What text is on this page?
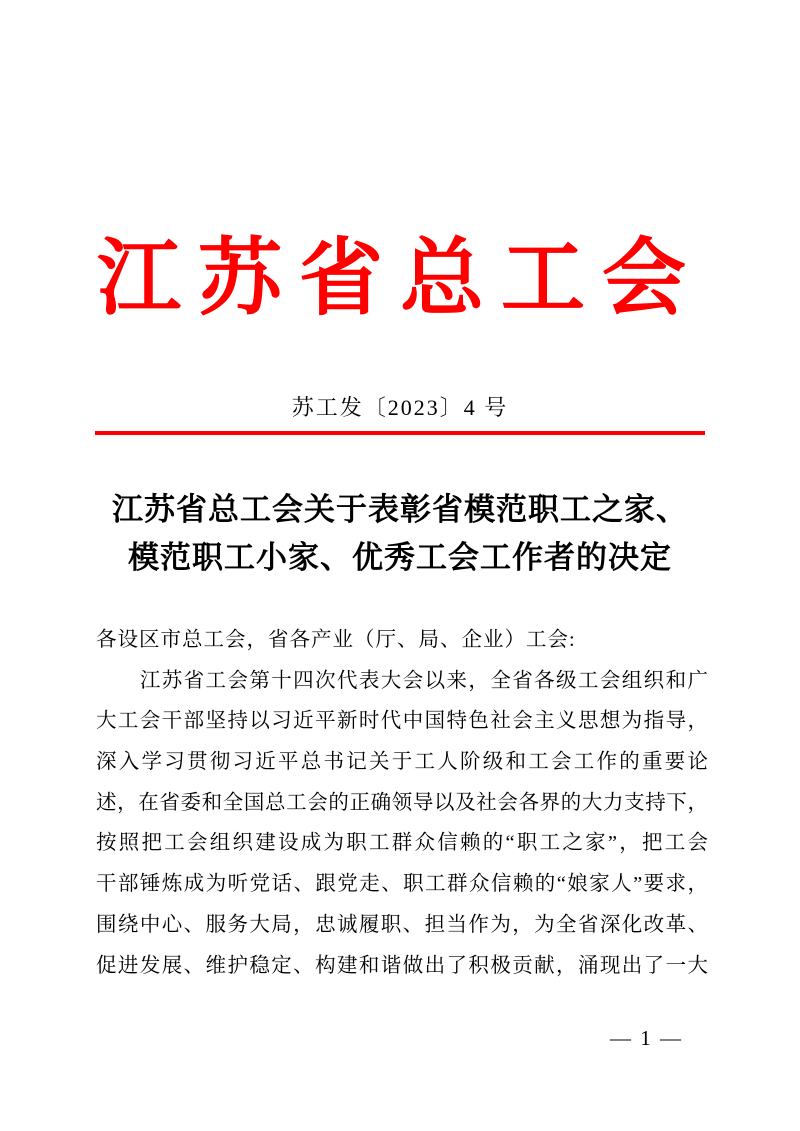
江苏省总工会
苏工发〔2023〕4 号
江苏省总工会关于表彰省模范职工之家、
模范职工小家、优秀工会工作者的决定
各设区市总工会，省各产业（厅、局、企业）工会:
　　江苏省工会第十四次代表大会以来，全省各级工会组织和广
大工会干部坚持以习近平新时代中国特色社会主义思想为指导，
深入学习贯彻习近平总书记关于工人阶级和工会工作的重要论
述，在省委和全国总工会的正确领导以及社会各界的大力支持下，
按照把工会组织建设成为职工群众信赖的“职工之家”，把工会
干部锤炼成为听党话、跟党走、职工群众信赖的“娘家人”要求，
围绕中心、服务大局，忠诚履职、担当作为，为全省深化改革、
促进发展、维护稳定、构建和谐做出了积极贡献，涌现出了一大
— 1 —
